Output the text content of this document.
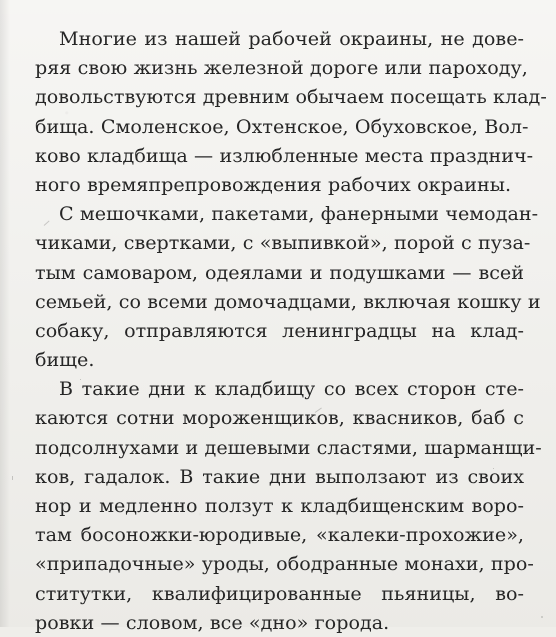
Многие из нашей рабочей окраины, не дове-
ряя свою жизнь железной дороге или пароходу,
довольствуются древним обычаем посещать клад-
бища. Смоленское, Охтенское, Обуховское, Вол-
ково кладбища — излюбленные места празднич-
ного времяпрепровождения рабочих окраины.
С мешочками, пакетами, фанерными чемодан-
чиками, свертками, с «выпивкой», порой с пуза-
тым самоваром, одеялами и подушками — всей
семьей, со всеми домочадцами, включая кошку и
собаку, отправляются ленинградцы на клад-
бище.
В такие дни к кладбищу со всех сторон сте-
каются сотни мороженщиков, квасников, баб с
подсолнухами и дешевыми сластями, шарманщи-
ков, гадалок. В такие дни выползают из своих
нор и медленно ползут к кладбищенским воро-
там босоножки-юродивые, «калеки-прохожие»,
«припадочные» уроды, ободранные монахи, про-
ститутки, квалифицированные пьяницы, во-
ровки — словом, все «дно» города.
